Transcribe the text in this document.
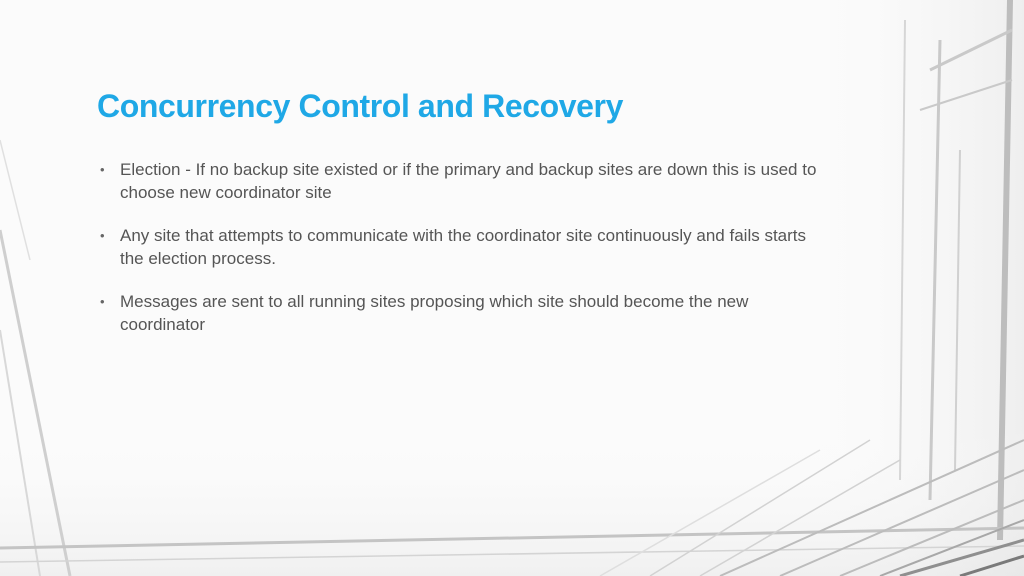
Concurrency Control and Recovery
• Election - If no backup site existed or if the primary and backup sites are down this is used to choose new coordinator site
• Any site that attempts to communicate with the coordinator site continuously and fails starts the election process.
• Messages are sent to all running sites proposing which site should become the new coordinator
